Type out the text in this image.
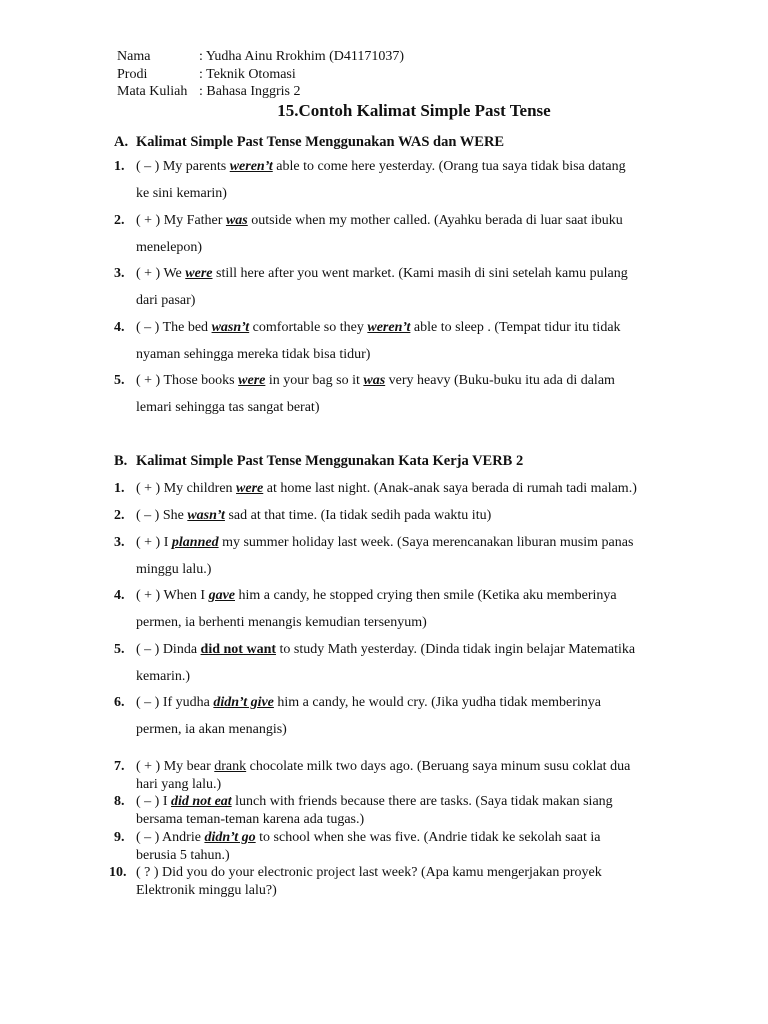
Nama	: Yudha Ainu Rrokhim (D41171037)
Prodi	: Teknik Otomasi
Mata Kuliah : Bahasa Inggris 2
15.Contoh Kalimat Simple Past Tense
A. Kalimat Simple Past Tense Menggunakan WAS dan WERE
1. ( – ) My parents weren’t able to come here yesterday. (Orang tua saya tidak bisa datang
ke sini kemarin)
2. ( + ) My Father was outside when my mother called. (Ayahku berada di luar saat ibuku
menelepon)
3. ( + ) We were still here after you went market. (Kami masih di sini setelah kamu pulang
dari pasar)
4. ( – ) The bed wasn’t comfortable so they weren’t able to sleep . (Tempat tidur itu tidak
nyaman sehingga mereka tidak bisa tidur)
5. ( + ) Those books were in your bag so it was very heavy (Buku-buku itu ada di dalam
lemari sehingga tas sangat berat)
B. Kalimat Simple Past Tense Menggunakan Kata Kerja VERB 2
1. ( + ) My children were at home last night. (Anak-anak saya berada di rumah tadi malam.)
2. ( – ) She wasn’t sad at that time. (Ia tidak sedih pada waktu itu)
3. ( + ) I planned my summer holiday last week. (Saya merencanakan liburan musim panas
minggu lalu.)
4. ( + ) When I gave him a candy, he stopped crying then smile (Ketika aku memberinya
permen, ia berhenti menangis kemudian tersenyum)
5. ( – ) Dinda did not want to study Math yesterday. (Dinda tidak ingin belajar Matematika
kemarin.)
6. ( – ) If yudha didn’t give him a candy, he would cry. (Jika yudha tidak memberinya
permen, ia akan menangis)
7. ( + ) My bear drank chocolate milk two days ago. (Beruang saya minum susu coklat dua
hari yang lalu.)
8. ( – ) I did not eat lunch with friends because there are tasks. (Saya tidak makan siang
bersama teman-teman karena ada tugas.)
9. ( – ) Andrie didn’t go to school when she was five. (Andrie tidak ke sekolah saat ia
berusia 5 tahun.)
10. ( ? ) Did you do your electronic project last week? (Apa kamu mengerjakan proyek
Elektronik minggu lalu?)
